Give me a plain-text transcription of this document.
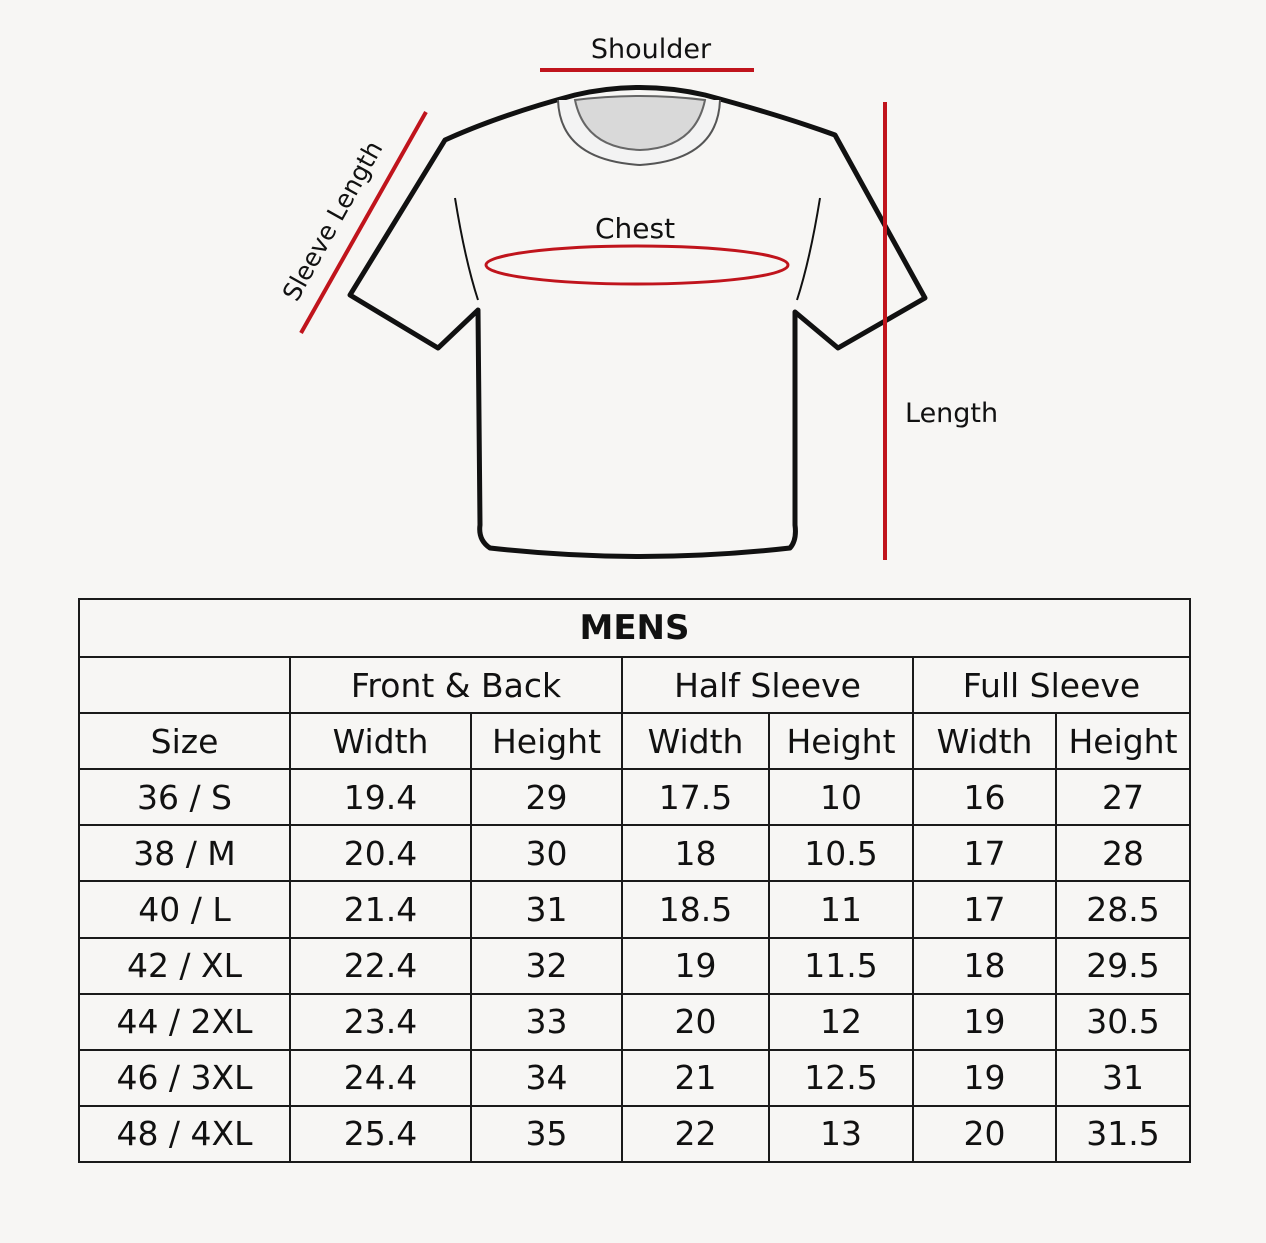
Shoulder
Chest
Sleeve Length
Length
MENS						
	Front & Back		Half Sleeve		Full Sleeve	
Size	Width	Height	Width	Height	Width	Height
36 / S	19.4	29	17.5	10	16	27
38 / M	20.4	30	18	10.5	17	28
40 / L	21.4	31	18.5	11	17	28.5
42 / XL	22.4	32	19	11.5	18	29.5
44 / 2XL	23.4	33	20	12	19	30.5
46 / 3XL	24.4	34	21	12.5	19	31
48 / 4XL	25.4	35	22	13	20	31.5
